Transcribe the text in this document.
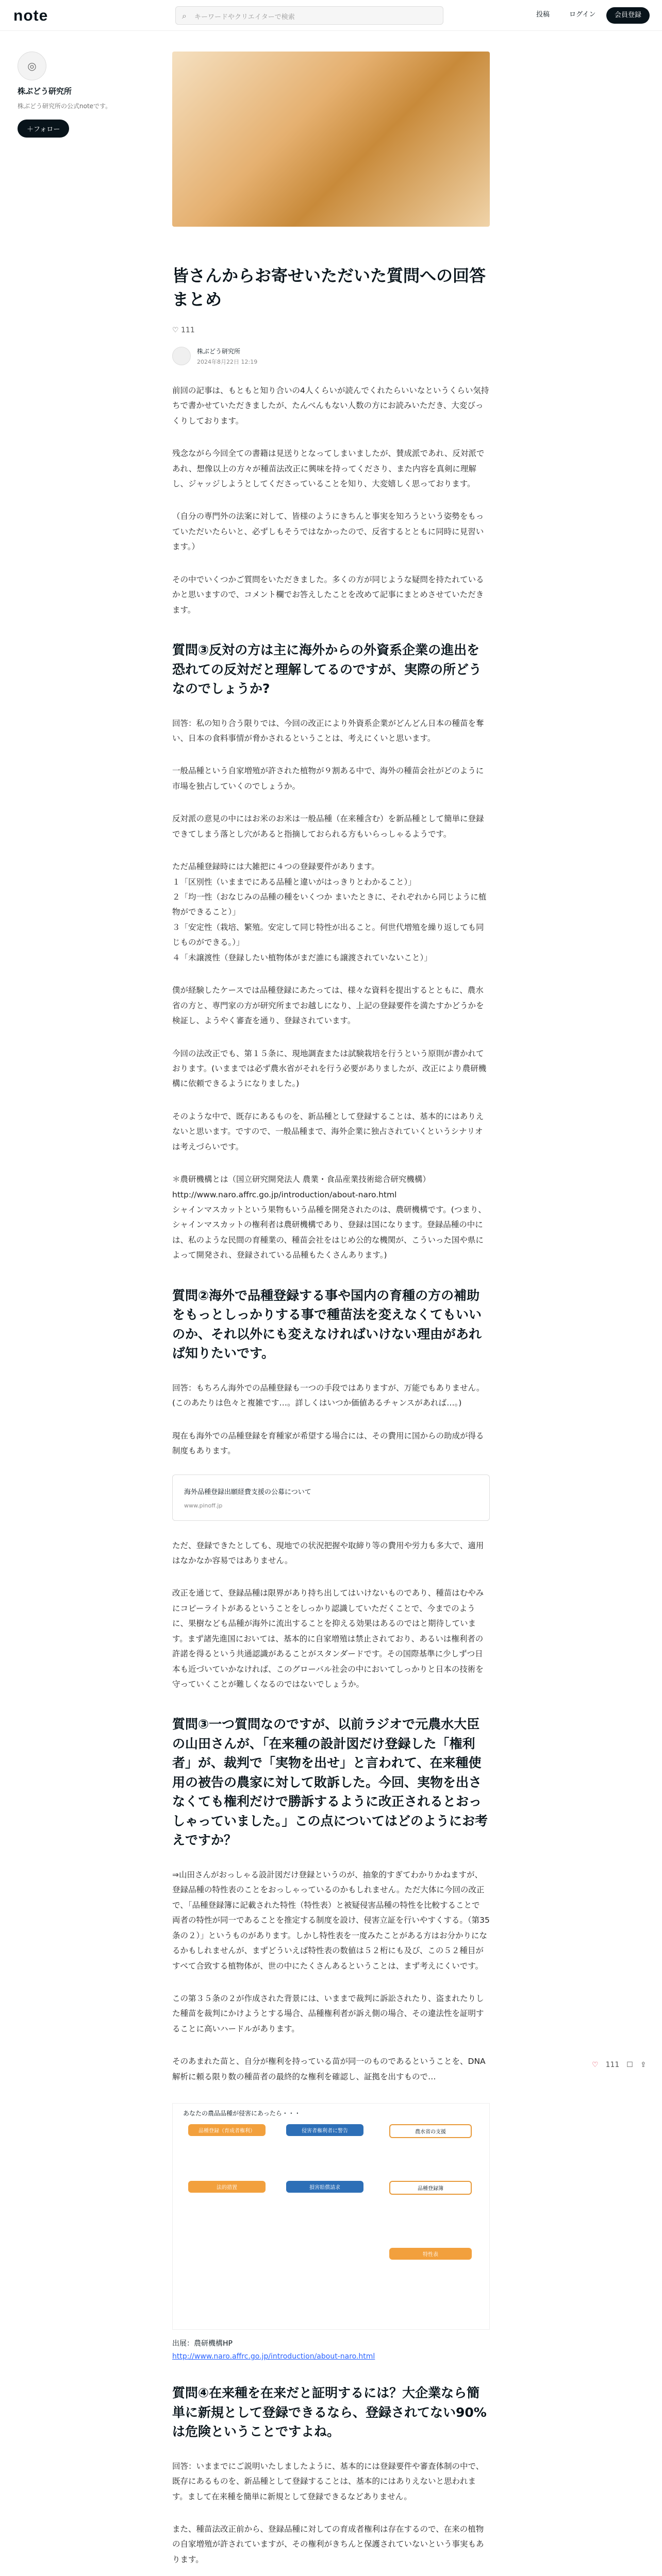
note	⌕ キーワードやクリエイターで検索	投稿	ログイン	会員登録
◎
株ぶどう研究所
株ぶどう研究所の公式noteです。
＋フォロー
皆さんからお寄せいただいた質問への回答まとめ
♡ 111
株ぶどう研究所
2024年8月22日 12:19

前回の記事は、もともと知り合いの4人くらいが読んでくれたらいいなというくらい気持ちで書かせていただきましたが、たんべんもない人数の方にお読みいただき、大変びっくりしております。

残念ながら今回全ての書籍は見送りとなってしまいましたが、賛成派であれ、反対派であれ、想像以上の方々が種苗法改正に興味を持ってくださり、また内容を真剣に理解し、ジャッジしようとしてくださっていることを知り、大変嬉しく思っております。

（自分の専門外の法案に対して、皆様のようにきちんと事実を知ろうという姿勢をもっていただいたらいと、必ずしもそうではなかったので、反省するとともに同時に見習います。）

その中でいくつかご質問をいただきました。多くの方が同じような疑問を持たれているかと思いますので、コメント欄でお答えしたことを改めて記事にまとめさせていただきます。

質問③反対の方は主に海外からの外資系企業の進出を恐れての反対だと理解してるのですが、実際の所どうなのでしょうか?

回答：私の知り合う限りでは、今回の改正により外資系企業がどんどん日本の種苗を奪い、日本の食料事情が脅かされるということは、考えにくいと思います。

一般品種という自家増殖が許された植物が９割ある中で、海外の種苗会社がどのように市場を独占していくのでしょうか。

反対派の意見の中にはお米のお米は一般品種（在来種含む）を新品種として簡単に登録できてしまう落とし穴があると指摘しておられる方もいらっしゃるようです。

ただ品種登録時には大雑把に４つの登録要件があります。
１「区別性（いままでにある品種と違いがはっきりとわかること）」
２「均一性（おなじみの品種の種をいくつか まいたときに、それぞれから同じように植物ができること）」
３「安定性（栽培、繁殖。安定して同じ特性が出ること。何世代増殖を繰り返しても同じものができる。）」
４「未譲渡性（登録したい植物体がまだ誰にも譲渡されていないこと）」

僕が経験したケースでは品種登録にあたっては、様々な資料を提出するとともに、農水省の方と、専門家の方が研究所までお越しになり、上記の登録要件を満たすかどうかを検証し、ようやく審査を通り、登録されています。

今回の法改正でも、第１５条に、現地調査または試験栽培を行うという原則が書かれております。(いままでは必ず農水省がそれを行う必要がありましたが、改正により農研機構に依頼できるようになりました。)

そのような中で、既存にあるものを、新品種として登録することは、基本的にはありえないと思います。ですので、一般品種まで、海外企業に独占されていくというシナリオは考えづらいです。

＊農研機構とは（国立研究開発法人 農業・食品産業技術総合研究機構）
http://www.naro.affrc.go.jp/introduction/about-naro.html
シャインマスカットという果物もいう品種を開発されたのは、農研機構です。(つまり、シャインマスカットの権利者は農研機構であり、登録は国になります。登録品種の中には、私のような民間の育種業の、種苗会社をはじめ公的な機関が、こういった国や県によって開発され、登録されている品種もたくさんあります。)

質問②海外で品種登録する事や国内の育種の方の補助をもっとしっかりする事で種苗法を変えなくてもいいのか、それ以外にも変えなければいけない理由があれば知りたいです。

回答：もちろん海外での品種登録も一つの手段ではありますが、万能でもありません。(このあたりは色々と複雑です…。詳しくはいつか価値あるチャンスがあれば…。)

現在も海外での品種登録を育種家が希望する場合には、その費用に国からの助成が得る制度もあります。

海外品種登録出願経費支援の公募について
www.pinoff.jp

ただ、登録できたとしても、現地での状況把握や取締り等の費用や労力も多大で、適用はなかなか容易ではありません。

改正を通じて、登録品種は限界があり持ち出してはいけないものであり、種苗はむやみにコピーライトがあるということをしっかり認識していただくことで、今までのように、果樹なども品種が海外に流出することを抑える効果はあるのではと期待しています。まず諸先進国においては、基本的に自家増殖は禁止されており、あるいは権利者の許諾を得るという共通認識があることがスタンダードです。その国際基準に少しずつ日本も近づいていかなければ、このグローバル社会の中においてしっかりと日本の技術を守っていくことが難しくなるのではないでしょうか。

質問③一つ質問なのですが、以前ラジオで元農水大臣の山田さんが、「在来種の設計図だけ登録した「権利者」が、裁判で「実物を出せ」と言われて、在来種使用の被告の農家に対して敗訴した。今回、実物を出さなくても権利だけで勝訴するように改正されるとおっしゃっていました。」この点についてはどのようにお考えですか？

⇒山田さんがおっしゃる設計図だけ登録というのが、抽象的すぎてわかりかねますが、登録品種の特性表のことをおっしゃっているのかもしれません。ただ大体に今回の改正で、「品種登録簿に記載された特性（特性表）と被疑侵害品種の特性を比較することで 両者の特性が同一であることを推定する制度を設け、侵害立証を行いやすくする。（第35条の２）」というものがあります。しかし特性表を一度みたことがある方はお分かりになるかもしれませんが、まずどういえば特性表の数値は５２桁にも及び、この５２種目がすべて合致する植物体が、世の中にたくさんあるということは、まず考えにくいです。

この第３５条の２が作成された背景には、いままで裁判に訴訟されたり、盗まれたりした種苗を裁判にかけようとする場合、品種権利者が訴え側の場合、その違法性を証明することに高いハードルがあります。

そのあまれた苗と、自分が権利を持っている苗が同一のものであるということを、DNA解析に頼る限り数の種苗者の最終的な権利を確認し、証拠を出すもので…

あなたの農品品種が侵害にあったら・・・
品種登録（育成者権利）	侵害者権利者に警告	農水省の支援
法的措置	損害賠償請求	品種登録簿
特性表
出展：農研機構HP
http://www.naro.affrc.go.jp/introduction/about-naro.html
質問④在来種を在来だと証明するには？大企業なら簡単に新規として登録できるなら、登録されてない90%は危険ということですよね。

回答：いままでにご説明いたしましたように、基本的には登録要件や審査体制の中で、既存にあるものを、新品種として登録することは、基本的にはありえないと思われます。まして在来種を簡単に新規として登録できるなどありません。

また、種苗法改正前から、登録品種に対しての育成者権利は存在するので、在来の植物の自家増殖が許されていますが、その権利がきちんと保護されていないという事実もあります。

♡ 111 ☐ ⇪
